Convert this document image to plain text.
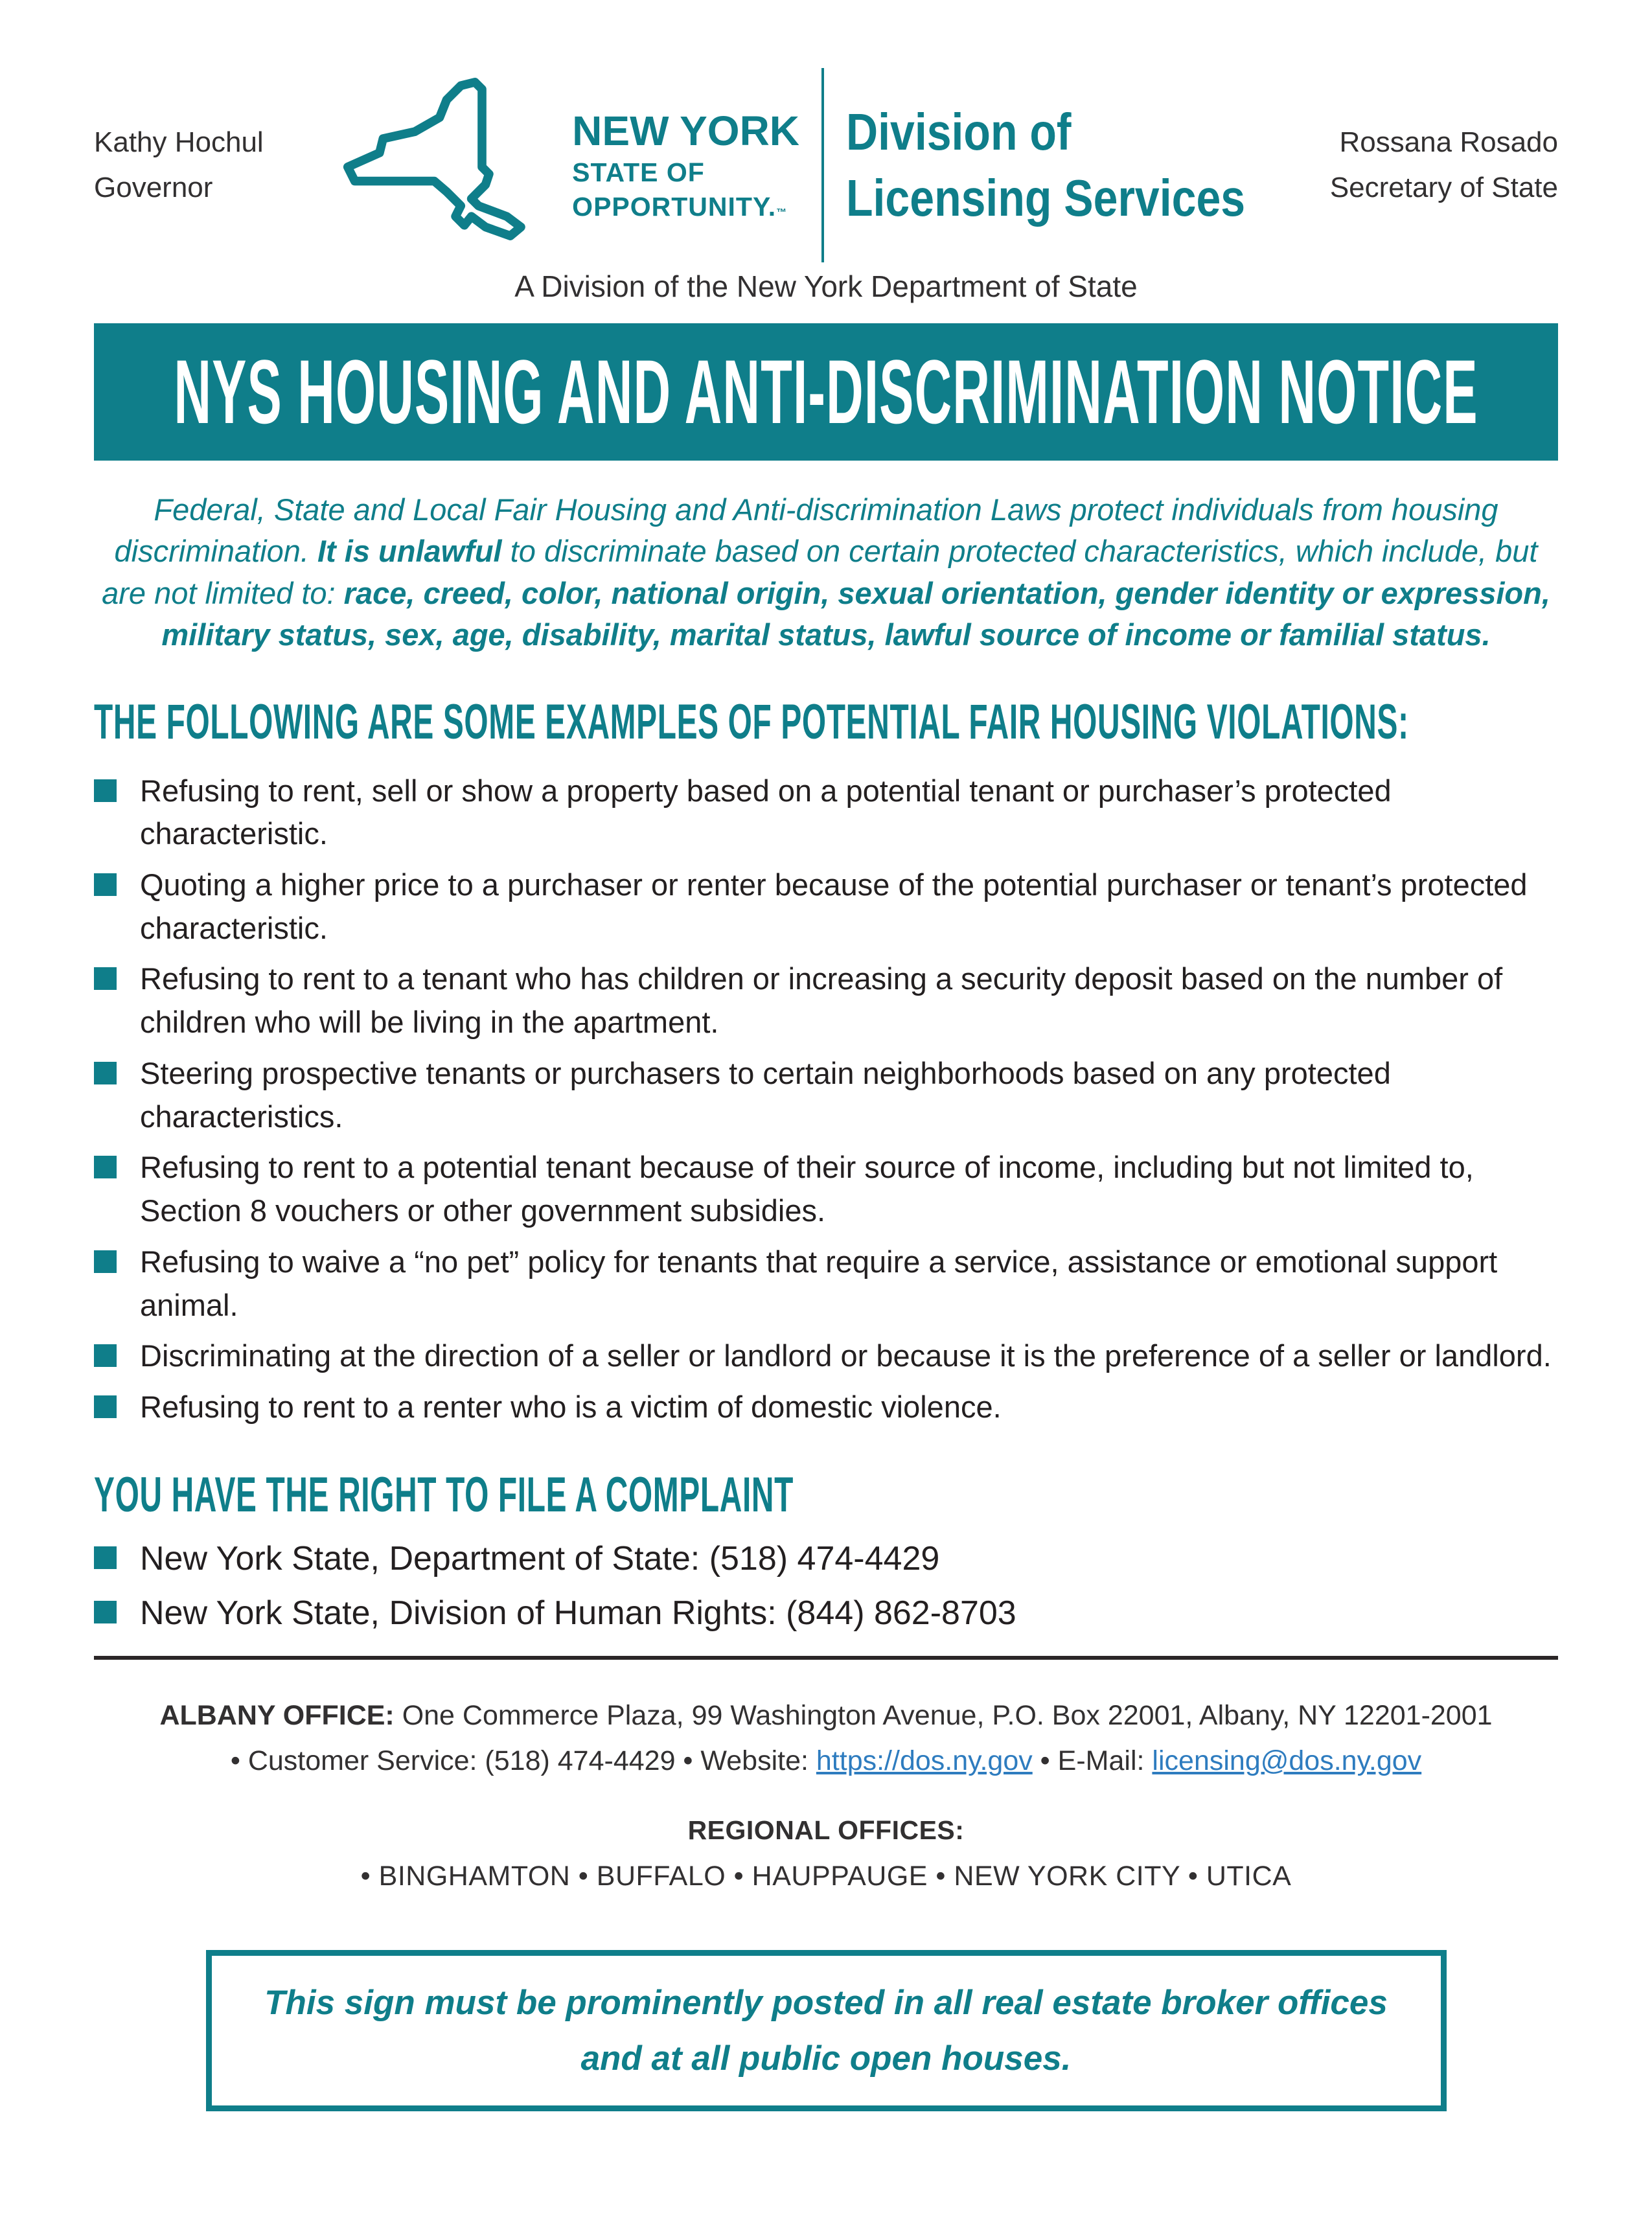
Kathy Hochul
Governor
NEW YORK
STATE OF
OPPORTUNITY.™
Division of
Licensing Services
Rossana Rosado
Secretary of State
A Division of the New York Department of State
NYS HOUSING AND ANTI-DISCRIMINATION NOTICE

Federal, State and Local Fair Housing and Anti-discrimination Laws protect individuals from housing discrimination. It is unlawful to discriminate based on certain protected characteristics, which include, but are not limited to: race, creed, color, national origin, sexual orientation, gender identity or expression, military status, sex, age, disability, marital status, lawful source of income or familial status.

THE FOLLOWING ARE SOME EXAMPLES OF POTENTIAL FAIR HOUSING VIOLATIONS:
Refusing to rent, sell or show a property based on a potential tenant or purchaser’s protected characteristic.
Quoting a higher price to a purchaser or renter because of the potential purchaser or tenant’s protected characteristic.
Refusing to rent to a tenant who has children or increasing a security deposit based on the number of children who will be living in the apartment.
Steering prospective tenants or purchasers to certain neighborhoods based on any protected characteristics.
Refusing to rent to a potential tenant because of their source of income, including but not limited to, Section 8 vouchers or other government subsidies.
Refusing to waive a “no pet” policy for tenants that require a service, assistance or emotional support animal.
Discriminating at the direction of a seller or landlord or because it is the preference of a seller or landlord.
Refusing to rent to a renter who is a victim of domestic violence.
YOU HAVE THE RIGHT TO FILE A COMPLAINT
New York State, Department of State: (518) 474-4429
New York State, Division of Human Rights: (844) 862-8703
ALBANY OFFICE: One Commerce Plaza, 99 Washington Avenue, P.O. Box 22001, Albany, NY 12201-2001
• Customer Service: (518) 474-4429 • Website: https://dos.ny.gov • E-Mail: licensing@dos.ny.gov
REGIONAL OFFICES:
• BINGHAMTON • BUFFALO • HAUPPAUGE • NEW YORK CITY • UTICA
This sign must be prominently posted in all real estate broker offices
and at all public open houses.
